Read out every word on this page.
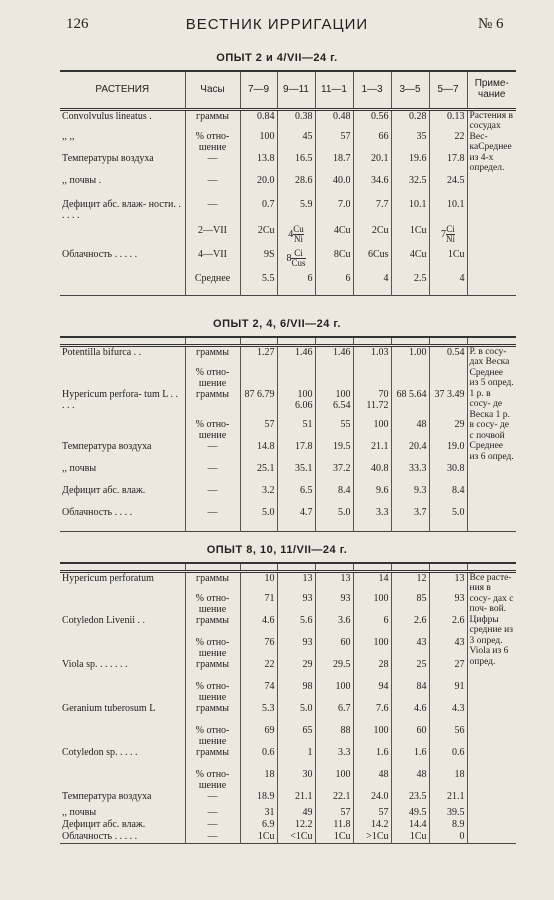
126	ВЕСТНИК ИРРИГАЦИИ	№ 6
ОПЫТ 2 и 4/VII—24 г.
РАСТЕНИЯ	Часы	7—9	9—11	11—1	1—3	3—5	5—7	Приме- чание
Convolvulus lineatus .	граммы	0.84	0.38	0.48	0.56	0.28	0.13	Растения в сосудах Вес- каСреднее из 4-х определ.
,, ,,	% отно- шение	100	45	57	66	35	22	
Температуры воздуха	—	13.8	16.5	18.7	20.1	19.6	17.8	
,, почвы .	—	20.0	28.6	40.0	34.6	32.5	24.5	
Дефицит абс. влаж- ности. . . . . .	—	0.7	5.9	7.0	7.7	10.1	10.1	
	2—VII	2Cu	$4 \frac{Cu}{Ni}$	4Cu	2Cu	1Cu	$7 \frac{Ci}{Ni}$

Облачность . . . . .	4—VII	9S	$8 \frac{Ci}{\text{Cus}}$	8Cu	6Cus	4Cu	1Cu	
	Среднее	5.5	6	6	4	2.5	4	
ОПЫТ 2, 4, 6/VII—24 г.

Potentilla bifurca . .	граммы	1.27	1.46	1.46	1.03	1.00	0.54	Р. в сосу- дах Веска Среднее из 5 опред. 1 р. в сосу- де Веска 1 р. в сосу- де с почвой Среднее из 6 опред.
	% отно- шение							
Hypericum perfora- tum L . . . . .	граммы	87 6.79	100 6.06	100 6.54	70 11.72	68 5.64	37 3.49	
	% отно- шение	57	51	55	100	48	29	
Температура воздуха	—	14.8	17.8	19.5	21.1	20.4	19.0	
,, почвы	—	25.1	35.1	37.2	40.8	33.3	30.8	
Дефицит абс. влаж.	—	3.2	6.5	8.4	9.6	9.3	8.4	
Облачность . . . .	—	5.0	4.7	5.0	3.3	3.7	5.0	
ОПЫТ 8, 10, 11/VII—24 г.

Hypericum perforatum	граммы	10	13	13	14	12	13	Все расте- ния в сосу- дах с поч- вой. Цифры средние из 3 опред. Viola из 6 опред.
	% отно- шение	71	93	93	100	85	93	
Cotyledon Livenii . .	граммы	4.6	5.6	3.6	6	2.6	2.6	
	% отно- шение	76	93	60	100	43	43	
Viola sp. . . . . . .	граммы	22	29	29.5	28	25	27	
	% отно- шение	74	98	100	94	84	91	
Geranium tuberosum L	граммы	5.3	5.0	6.7	7.6	4.6	4.3	
	% отно- шение	69	65	88	100	60	56	
Cotyledon sp. . . . .	граммы	0.6	1	3.3	1.6	1.6	0.6	
	% отно- шение	18	30	100	48	48	18	
Температура воздуха	—	18.9	21.1	22.1	24.0	23.5	21.1	
,, почвы	—	31	49	57	57	49.5	39.5	
Дефицит абс. влаж.	—	6.9	12.2	11.8	14.2	14.4	8.9	
Облачность . . . . .	—	1Cu	<1Cu	1Cu	>1Cu	1Cu	0	
